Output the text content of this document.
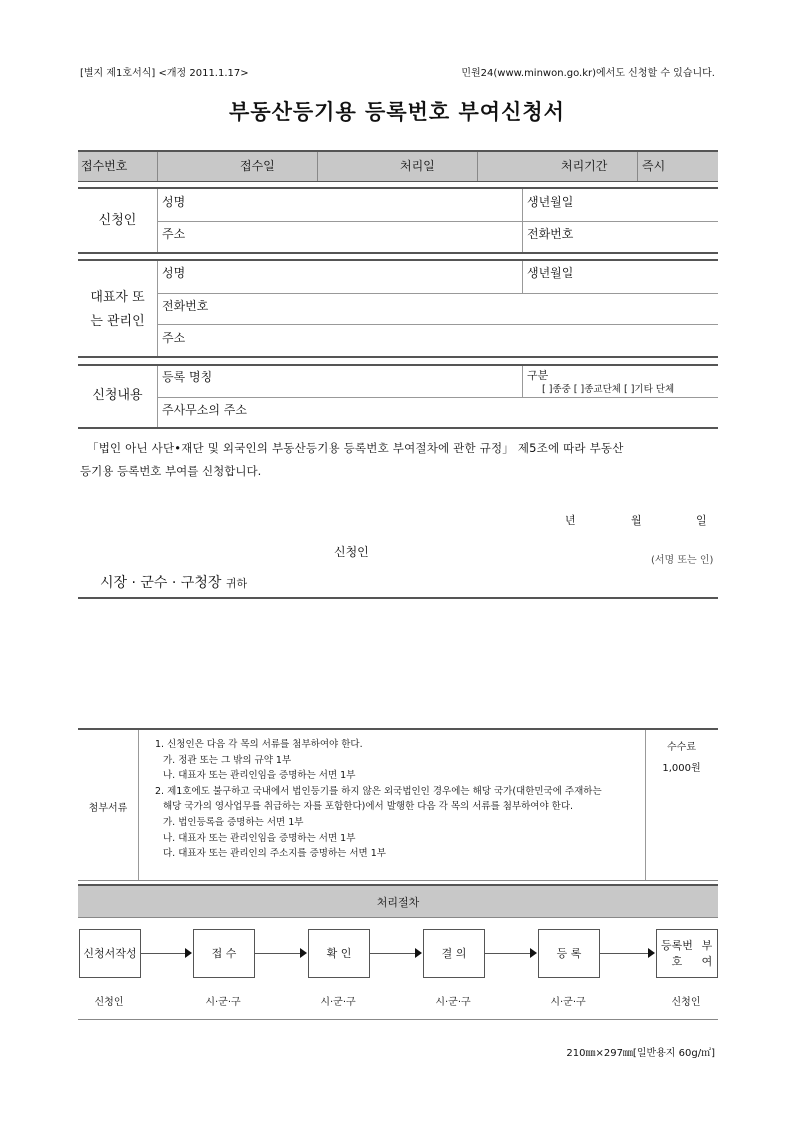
[별지 제1호서식] <개정 2011.1.17>	민원24(www.minwon.go.kr)에서도 신청할 수 있습니다.
부동산등기용 등록번호 부여신청서
접수번호	접수일	처리일	처리기간	즉시
신청인
성명	생년월일
주소	전화번호
대표자 또
는 관리인
성명	생년월일
전화번호
주소
신청내용
등록 명칭	구분
[ ]종중 [ ]종교단체 [ ]기타 단체
주사무소의 주소
「법인 아닌 사단•재단 및 외국인의 부동산등기용 등록번호 부여절차에 관한 규정」 제5조에 따라 부동산
등기용 등록번호 부여를 신청합니다.
년	월	일
신청인
(서명 또는 인)
시장 · 군수 · 구청장 귀하
첨부서류
1. 신청인은 다음 각 목의 서류를 첨부하여야 한다.
가. 정관 또는 그 밖의 규약 1부
나. 대표자 또는 관리인임을 증명하는 서면 1부
2. 제1호에도 불구하고 국내에서 법인등기를 하지 않은 외국법인인 경우에는 해당 국가(대한민국에 주재하는
해당 국가의 영사업무를 취급하는 자를 포함한다)에서 발행한 다음 각 목의 서류를 첨부하여야 한다.
가. 법인등록을 증명하는 서면 1부
나. 대표자 또는 관리인임을 증명하는 서면 1부
다. 대표자 또는 관리인의 주소지를 증명하는 서면 1부
수수료
1,000원
처리절차
신청서 작성
신청인
접 수
시·군·구
확 인
시·군·구
결 의
시·군·구
등 록
시·군·구
등록번호

부여
신청인
210㎜×297㎜[일반용지 60g/㎡]
